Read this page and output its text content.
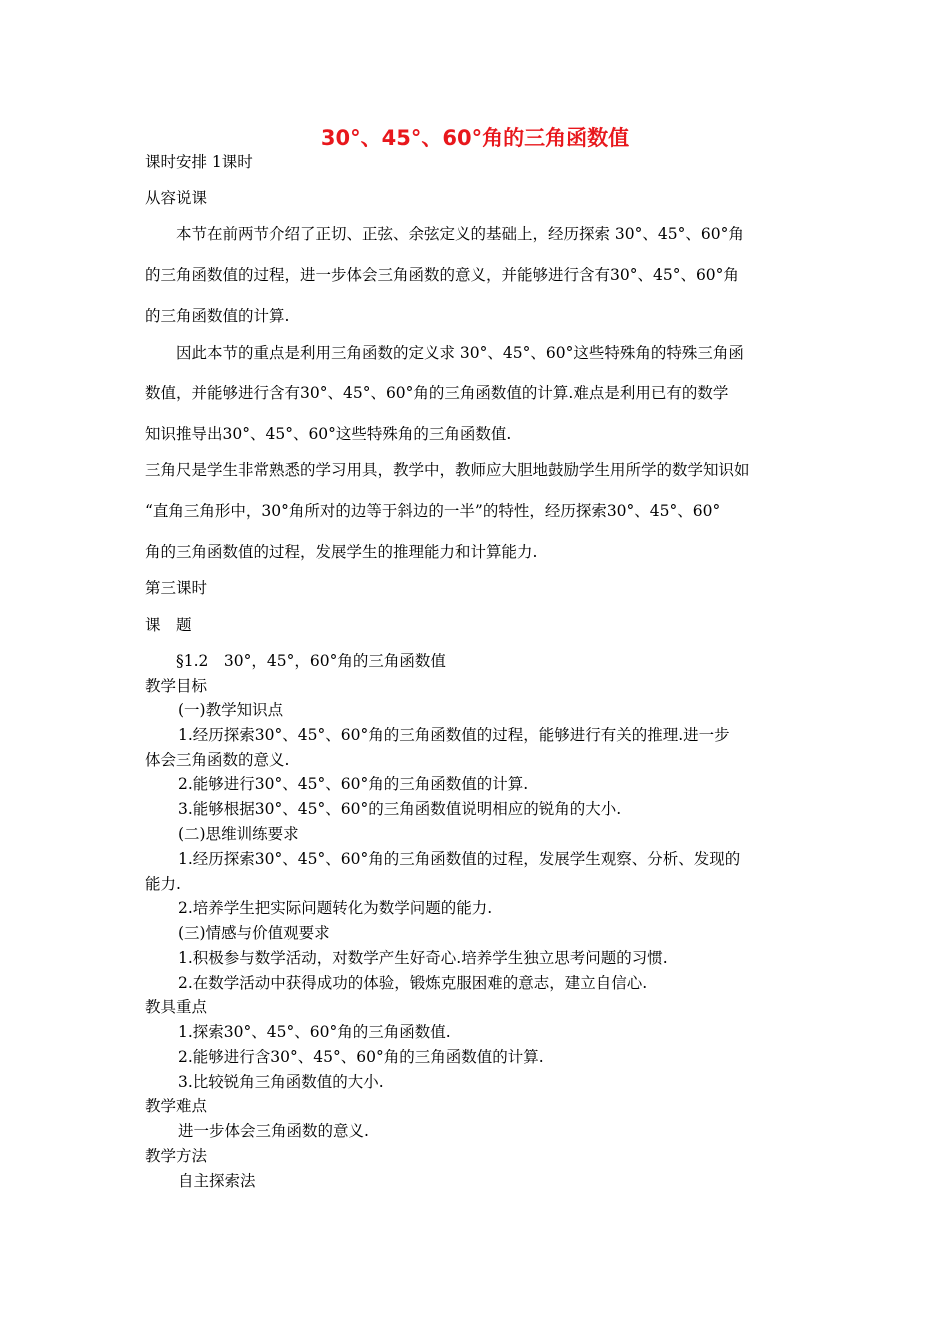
30°、45°、60°角的三角函数值
课时安排 1课时
从容说课
本节在前两节介绍了正切、正弦、余弦定义的基础上，经历探索 30°、45°、60°角
的三角函数值的过程，进一步体会三角函数的意义，并能够进行含有30°、45°、60°角
的三角函数值的计算.
因此本节的重点是利用三角函数的定义求 30°、45°、60°这些特殊角的特殊三角函
数值，并能够进行含有30°、45°、60°角的三角函数值的计算.难点是利用已有的数学
知识推导出30°、45°、60°这些特殊角的三角函数值.
三角尺是学生非常熟悉的学习用具，教学中，教师应大胆地鼓励学生用所学的数学知识如
“直角三角形中，30°角所对的边等于斜边的一半”的特性，经历探索30°、45°、60°
角的三角函数值的过程，发展学生的推理能力和计算能力.
第三课时
课　题
§1.2　30°，45°，60°角的三角函数值
教学目标
(一)教学知识点
1.经历探索30°、45°、60°角的三角函数值的过程，能够进行有关的推理.进一步
体会三角函数的意义.
2.能够进行30°、45°、60°角的三角函数值的计算.
3.能够根据30°、45°、60°的三角函数值说明相应的锐角的大小.
(二)思维训练要求
1.经历探索30°、45°、60°角的三角函数值的过程，发展学生观察、分析、发现的
能力.
2.培养学生把实际问题转化为数学问题的能力.
(三)情感与价值观要求
1.积极参与数学活动，对数学产生好奇心.培养学生独立思考问题的习惯.
2.在数学活动中获得成功的体验，锻炼克服困难的意志，建立自信心.
教具重点
1.探索30°、45°、60°角的三角函数值.
2.能够进行含30°、45°、60°角的三角函数值的计算.
3.比较锐角三角函数值的大小.
教学难点
进一步体会三角函数的意义.
教学方法
自主探索法
